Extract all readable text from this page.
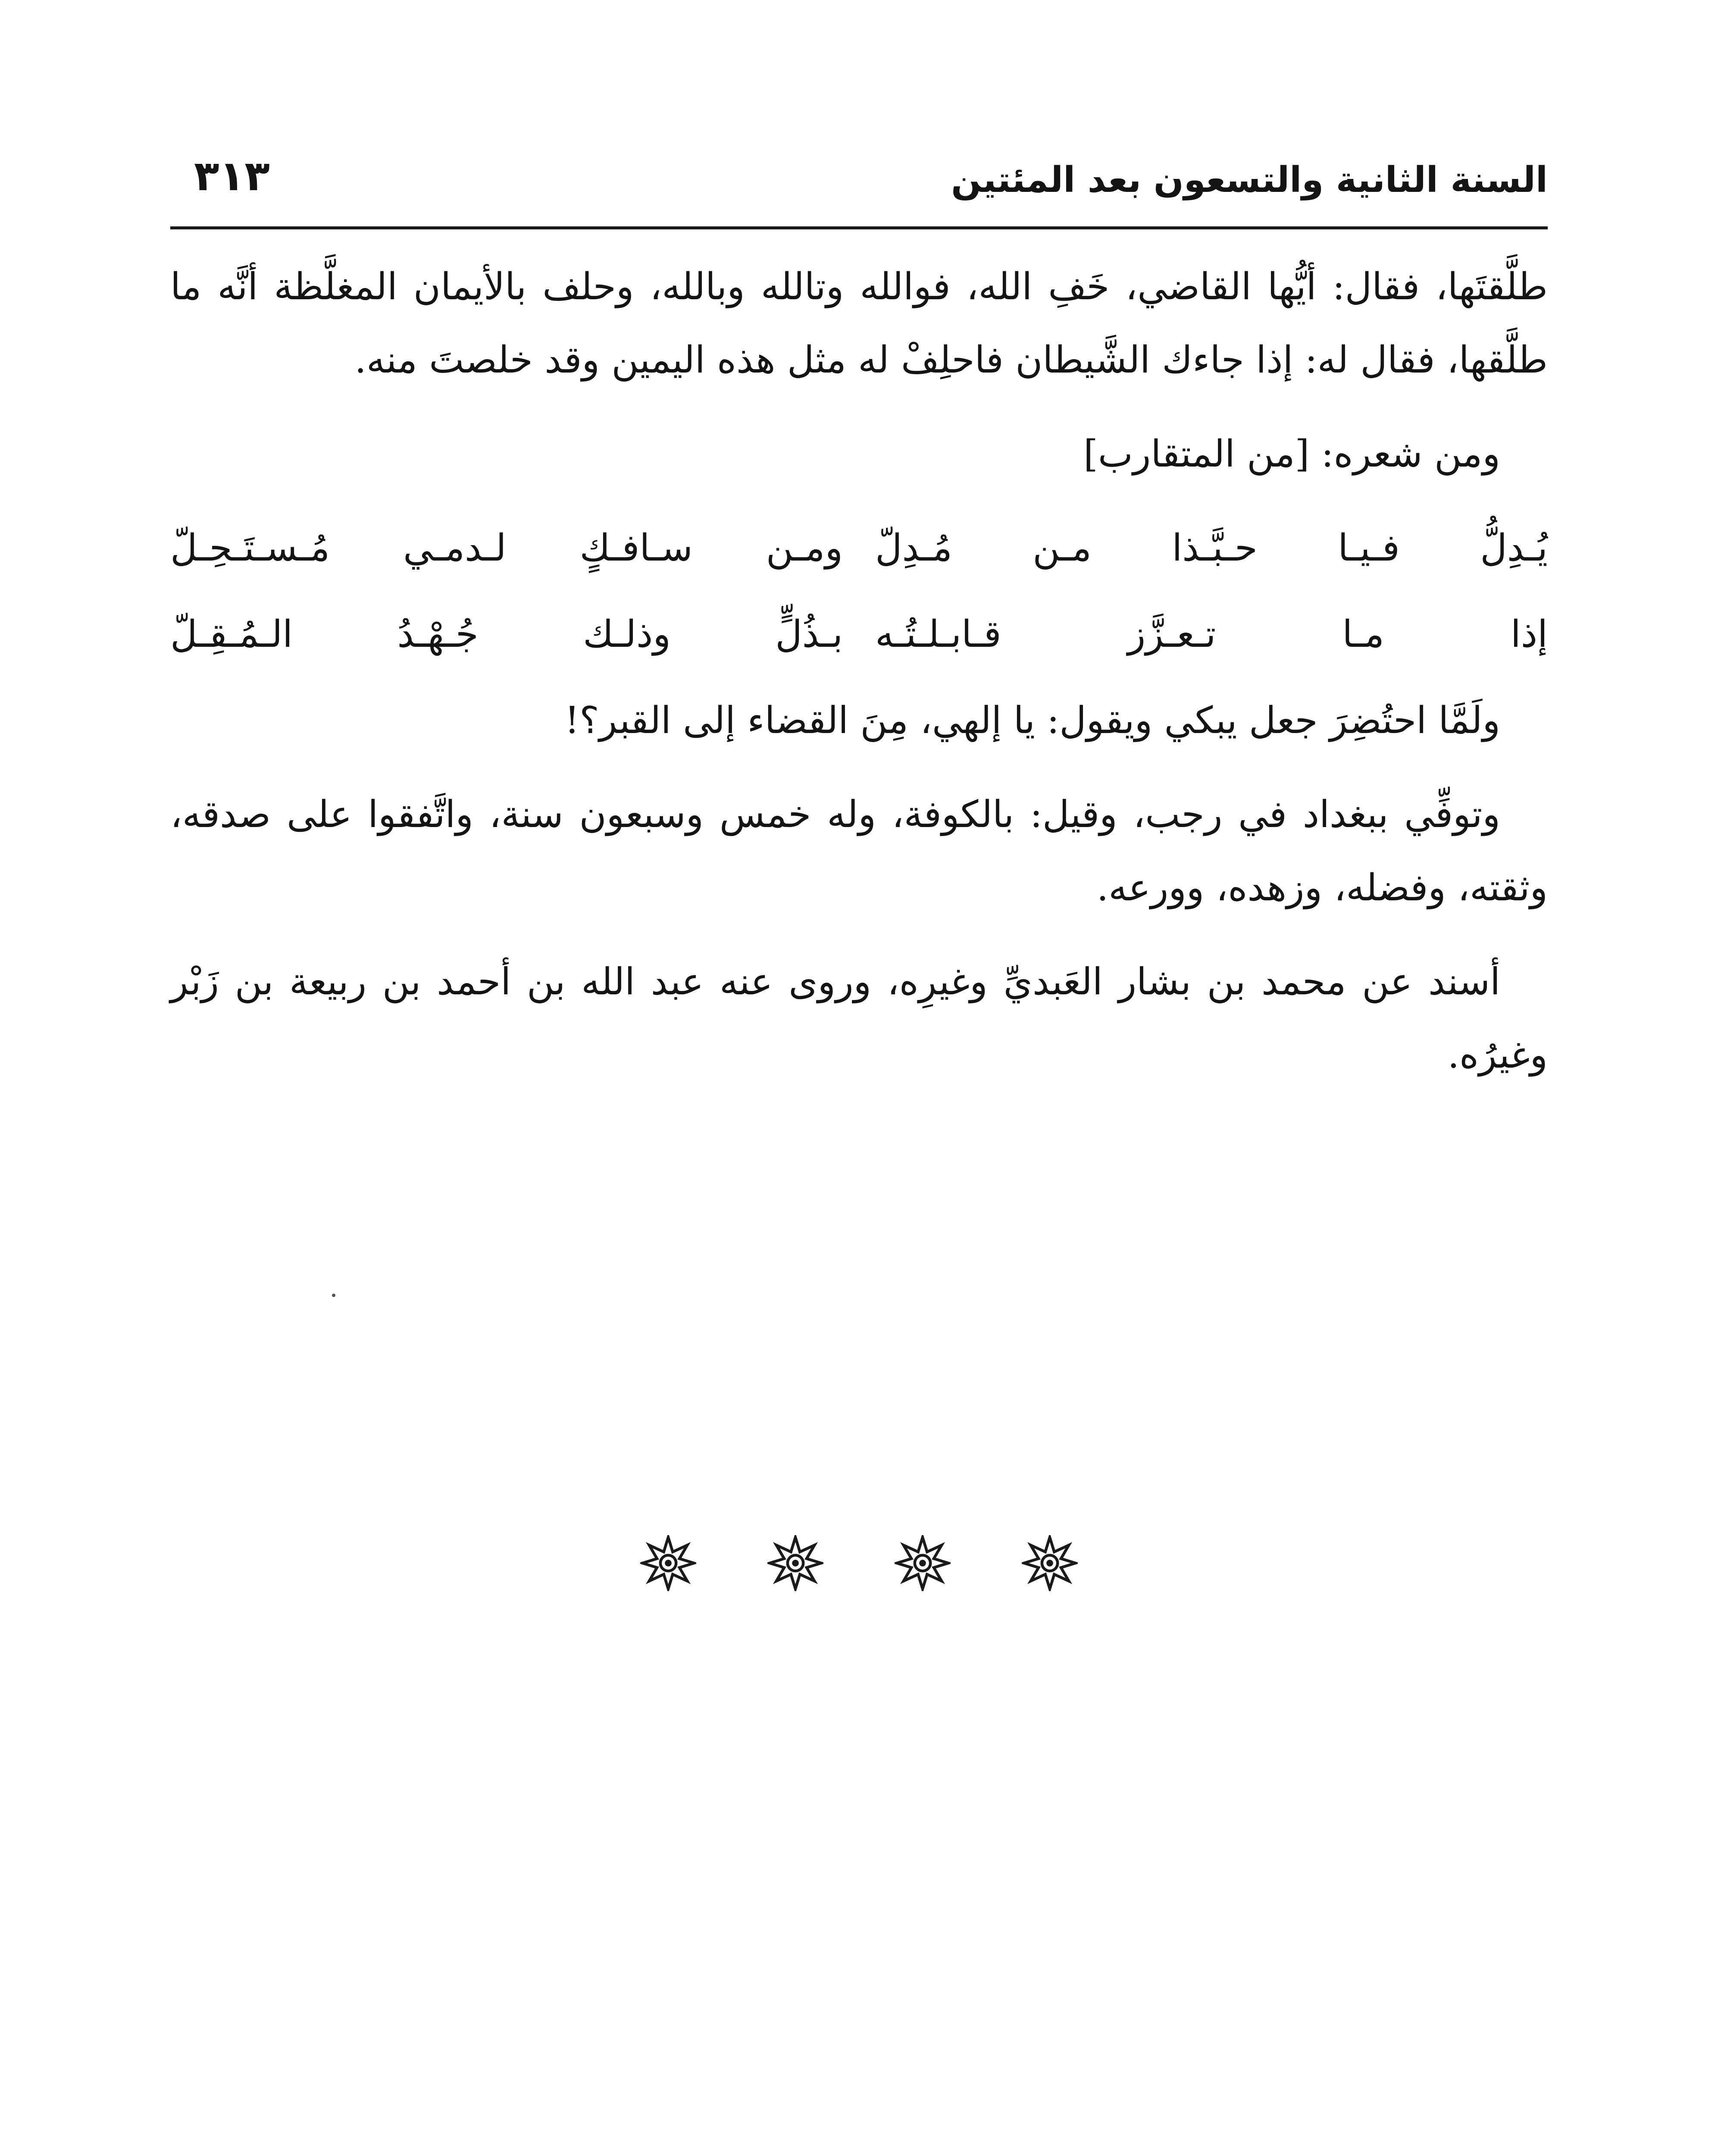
السنة الثانية والتسعون بعد المئتين
٣١٣

طلَّقتَها، فقال: أيُّها القاضي، خَفِ الله، فوالله وتالله وبالله، وحلف بالأيمان المغلَّظة أنَّه ما طلَّقها، فقال له: إذا جاءك الشَّيطان فاحلِفْ له مثل هذه اليمين وقد خلصتَ منه.

ومن شعره: [من المتقارب]

يُـدِلُّ فـيـا حـبَّـذا مـن مُـدِلّ
ومـن سـافـكٍ لـدمـي مُـسـتَـحِـلّ
إذا مـا تـعـزَّز قـابـلـتُـه
بـذُلٍّ وذلـك جُـهْـدُ الـمُـقِـلّ

ولَمَّا احتُضِرَ جعل يبكي ويقول: يا إلهي، مِنَ القضاء إلى القبر؟!

وتوفِّي ببغداد في رجب، وقيل: بالكوفة، وله خمس وسبعون سنة، واتَّفقوا على صدقه، وثقته، وفضله، وزهده، وورعه.

أسند عن محمد بن بشار العَبديِّ وغيرِه، وروى عنه عبد الله بن أحمد بن ربيعة بن زَبْر وغيرُه.
